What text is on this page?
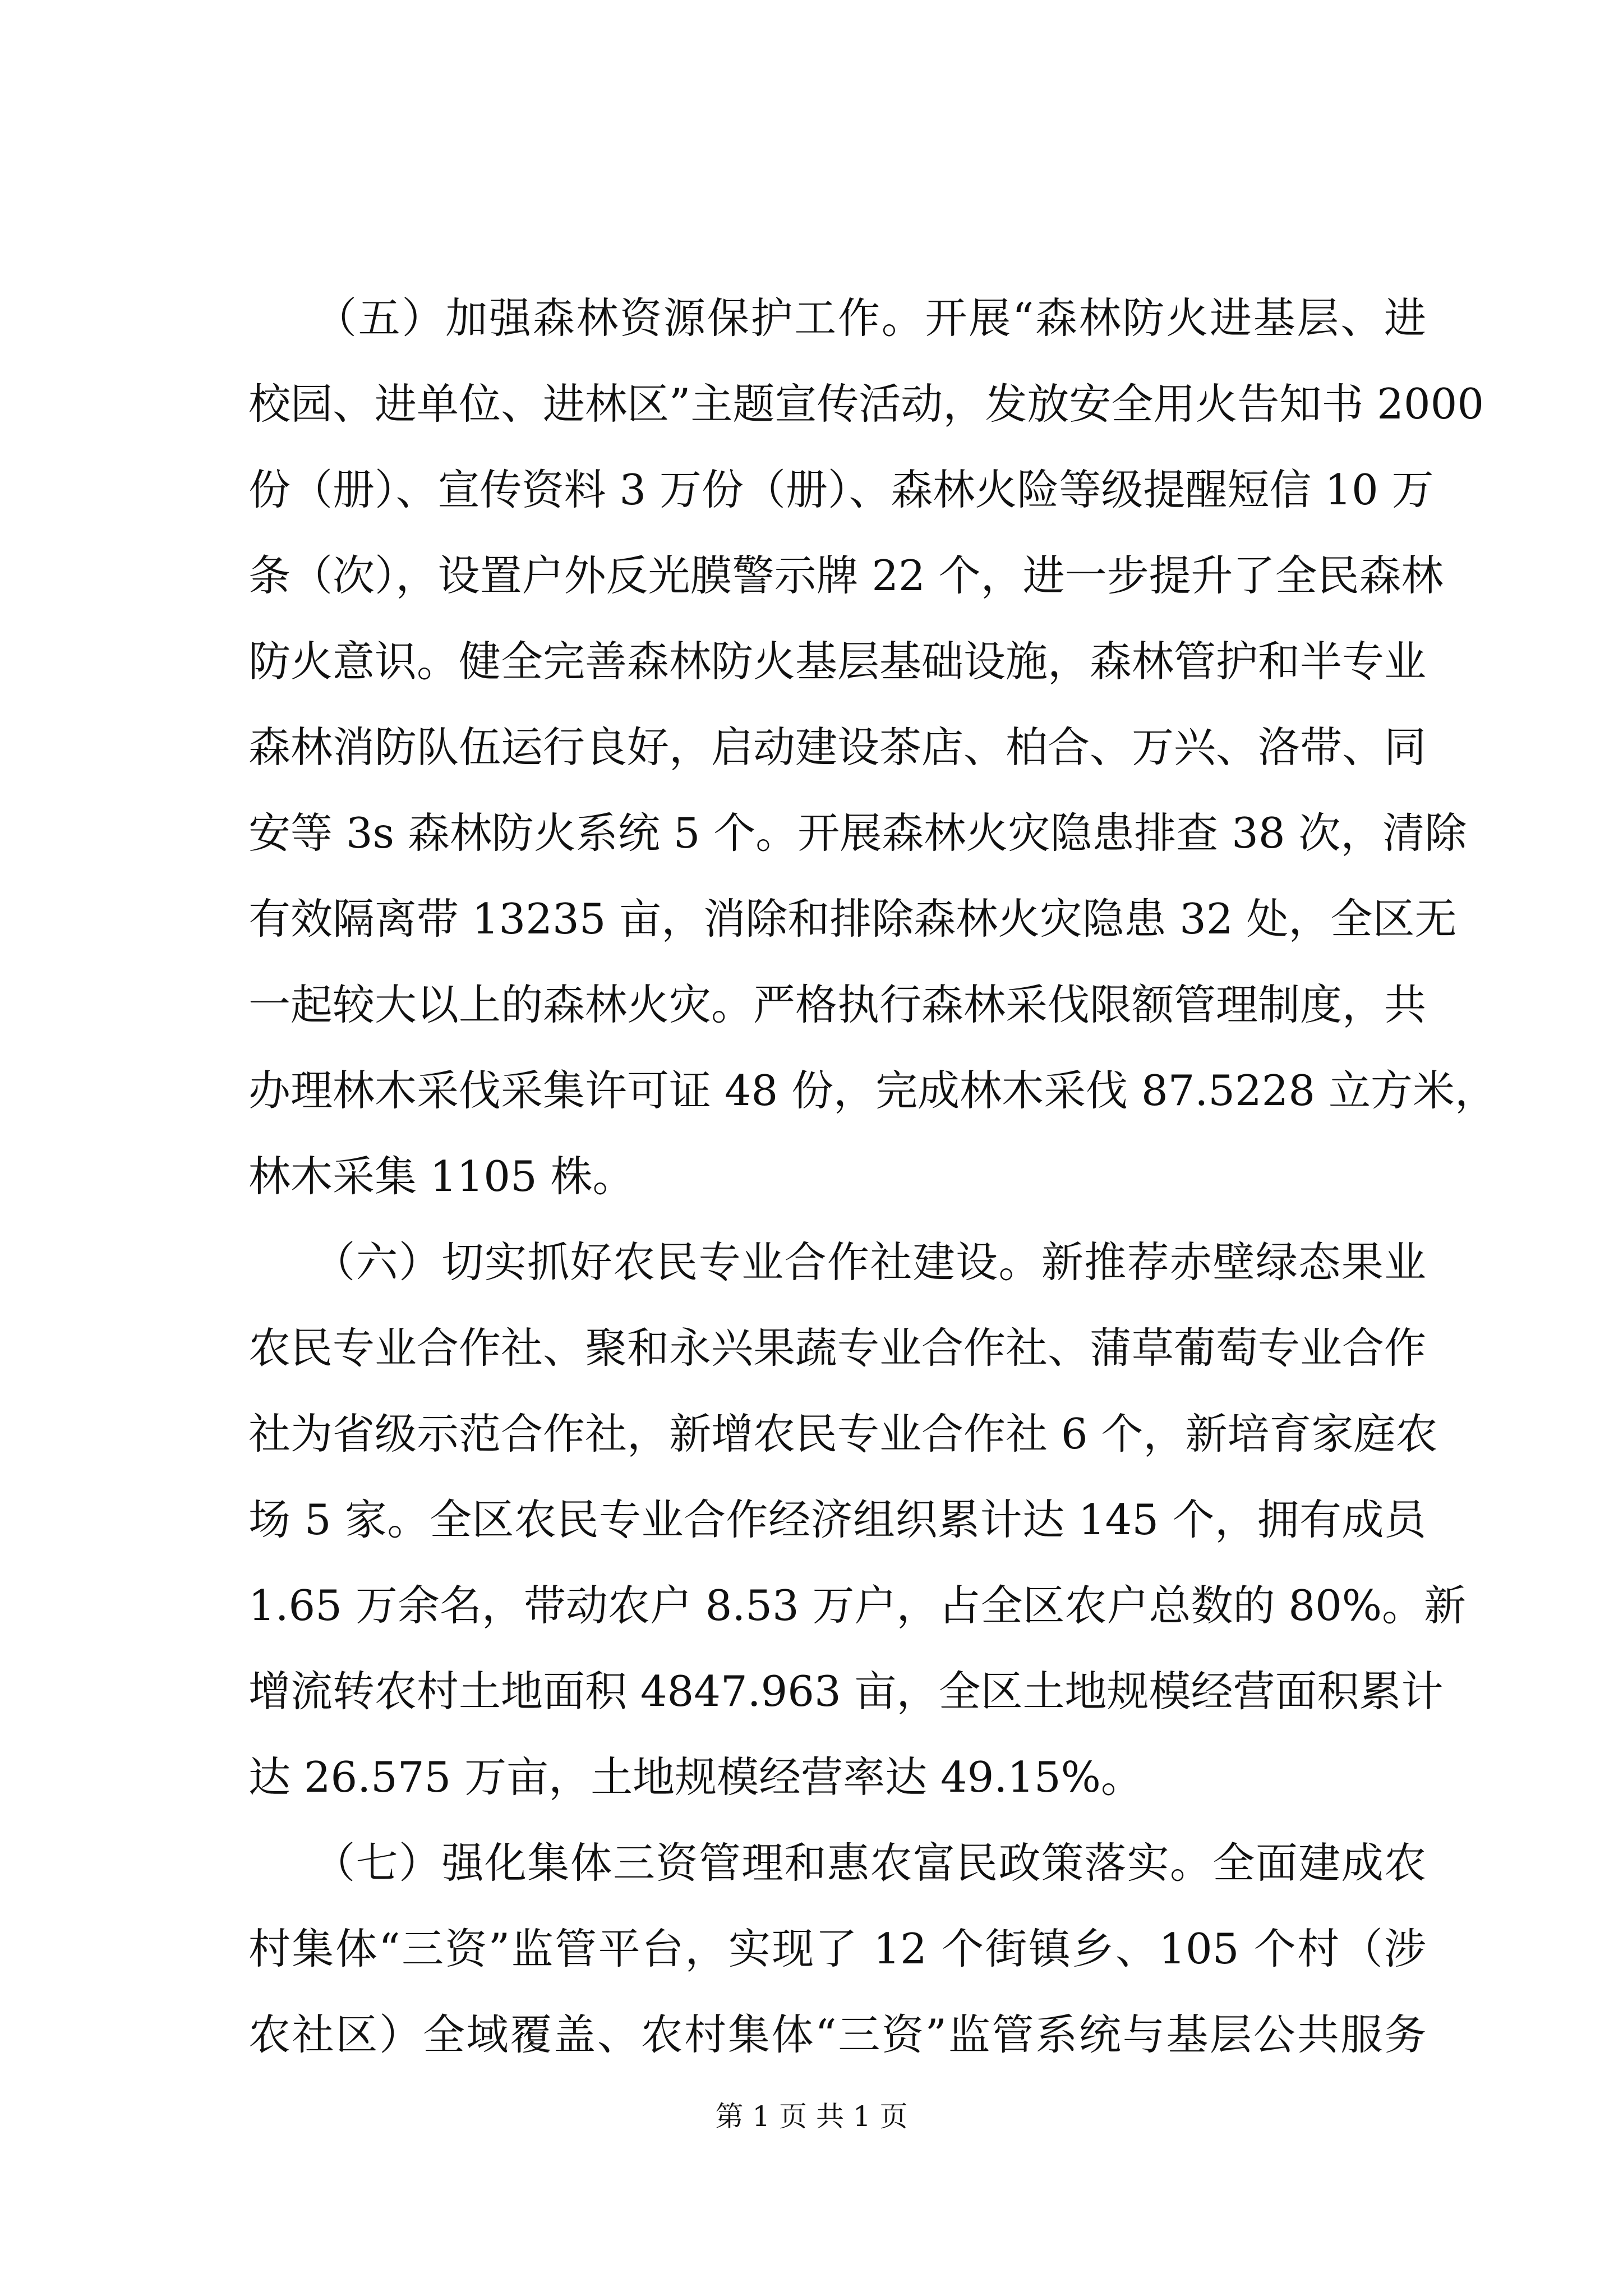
　　（五）加强森林资源保护工作。开展“森林防火进基层、进
校园、进单位、进林区”主题宣传活动，发放安全用火告知书 2000
份（册）、宣传资料 3 万份（册）、森林火险等级提醒短信 10 万
条（次），设置户外反光膜警示牌 22 个，进一步提升了全民森林
防火意识。健全完善森林防火基层基础设施，森林管护和半专业
森林消防队伍运行良好，启动建设茶店、柏合、万兴、洛带、同
安等 3s 森林防火系统 5 个。开展森林火灾隐患排查 38 次，清除
有效隔离带 13235 亩，消除和排除森林火灾隐患 32 处，全区无
一起较大以上的森林火灾。严格执行森林采伐限额管理制度，共
办理林木采伐采集许可证 48 份，完成林木采伐 87.5228 立方米，
林木采集 1105 株。
　　（六）切实抓好农民专业合作社建设。新推荐赤壁绿态果业
农民专业合作社、聚和永兴果蔬专业合作社、蒲草葡萄专业合作
社为省级示范合作社，新增农民专业合作社 6 个，新培育家庭农
场 5 家。全区农民专业合作经济组织累计达 145 个，拥有成员
1.65 万余名，带动农户 8.53 万户，占全区农户总数的 80%。新
增流转农村土地面积 4847.963 亩，全区土地规模经营面积累计
达 26.575 万亩，土地规模经营率达 49.15%。
　　（七）强化集体三资管理和惠农富民政策落实。全面建成农
村集体“三资”监管平台，实现了 12 个街镇乡、105 个村（涉
农社区）全域覆盖、农村集体“三资”监管系统与基层公共服务
第 1 页 共 1 页
